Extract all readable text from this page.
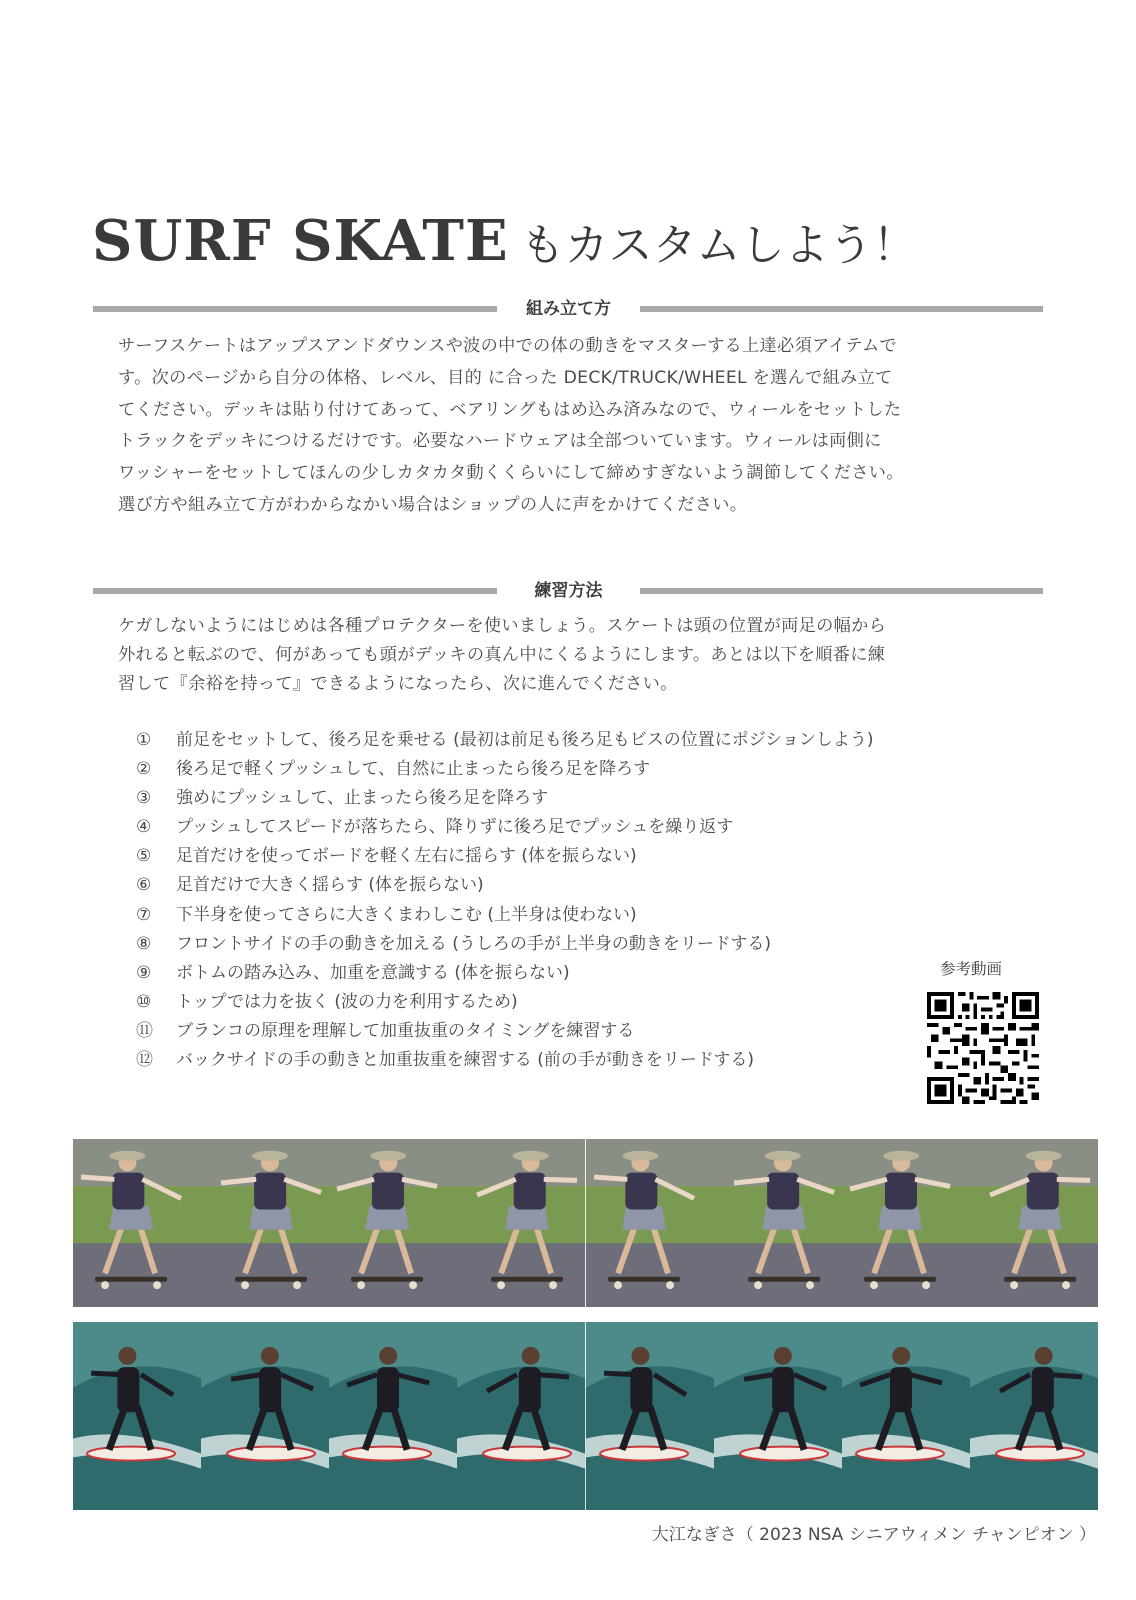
SURF SKATE もカスタムしよう！
組み立て方

サーフスケートはアップスアンドダウンスや波の中での体の動きをマスターする上達必須アイテムで
す。次のページから自分の体格、レベル、目的 に合った DECK/TRUCK/WHEEL を選んで組み立て
てください。デッキは貼り付けてあって、ベアリングもはめ込み済みなので、ウィールをセットした
トラックをデッキにつけるだけです。必要なハードウェアは全部ついています。ウィールは両側に
ワッシャーをセットしてほんの少しカタカタ動くくらいにして締めすぎないよう調節してください。
選び方や組み立て方がわからなかい場合はショップの人に声をかけてください。

練習方法

ケガしないようにはじめは各種プロテクターを使いましょう。スケートは頭の位置が両足の幅から
外れると転ぶので、何があっても頭がデッキの真ん中にくるようにします。あとは以下を順番に練
習して『余裕を持って』できるようになったら、次に進んでください。

①	前足をセットして、後ろ足を乗せる (最初は前足も後ろ足もビスの位置にポジションしよう)
②	後ろ足で軽くプッシュして、自然に止まったら後ろ足を降ろす
③	強めにプッシュして、止まったら後ろ足を降ろす
④	プッシュしてスピードが落ちたら、降りずに後ろ足でプッシュを繰り返す
⑤	足首だけを使ってボードを軽く左右に揺らす (体を振らない)
⑥	足首だけで大きく揺らす (体を振らない)
⑦	下半身を使ってさらに大きくまわしこむ (上半身は使わない)
⑧	フロントサイドの手の動きを加える (うしろの手が上半身の動きをリードする)
⑨	ボトムの踏み込み、加重を意識する (体を振らない)
⑩	トップでは力を抜く (波の力を利用するため)
⑪	ブランコの原理を理解して加重抜重のタイミングを練習する
⑫	バックサイドの手の動きと加重抜重を練習する (前の手が動きをリードする)
参考動画
大江なぎさ（ 2023 NSA シニアウィメン チャンピオン ）
